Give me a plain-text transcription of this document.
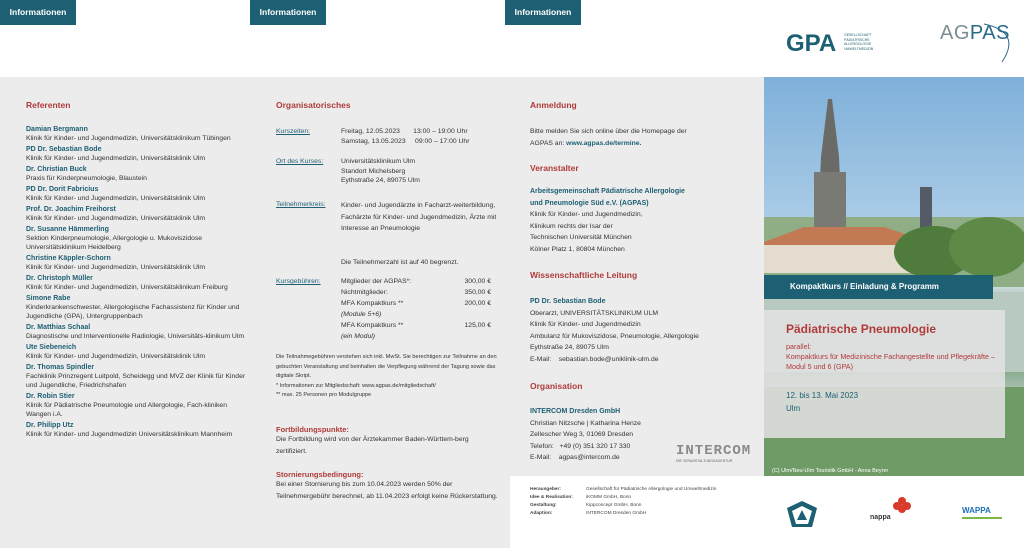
Informationen	Informationen	Informationen
GPA GESELLSCHAFT PÄDIATRISCHE ALLERGOLOGIE UMWELTMEDIZIN
AGPAS
Referenten
Damian Bergmann
Klinik für Kinder- und Jugendmedizin, Universitätsklinikum Tübingen
PD Dr. Sebastian Bode
Klinik für Kinder- und Jugendmedizin, Universitätsklinik Ulm
Dr. Christian Buck
Praxis für Kinderpneumologie, Blaustein
PD Dr. Dorit Fabricius
Klinik für Kinder- und Jugendmedizin, Universitätsklinik Ulm
Prof. Dr. Joachim Freihorst
Klinik für Kinder- und Jugendmedizin, Universitätsklinik Ulm
Dr. Susanne Hämmerling
Sektion Kinderpneumologie, Allergologie u. Mukoviszidose Universitätsklinikum Heidelberg
Christine Käppler-Schorn
Klinik für Kinder- und Jugendmedizin, Universitätsklinik Ulm
Dr. Christoph Müller
Klinik für Kinder- und Jugendmedizin, Universitätsklinikum Freiburg
Simone Rabe
Kinderkrankenschwester, Allergologische Fachassistenz für Kinder und Jugendliche (GPA), Untergruppenbach
Dr. Matthias Schaal
Diagnostische und Interventionelle Radiologie, Universitäts-klinikum Ulm
Ute Siebeneich
Klinik für Kinder- und Jugendmedizin, Universitätsklinik Ulm
Dr. Thomas Spindler
Fachklinik Prinzregent Luitpold, Scheidegg und MVZ der Klinik für Kinder und Jugendliche, Friedrichshafen
Dr. Robin Stier
Klinik für Pädiatrische Pneumologie und Allergologie, Fach-kliniken Wangen i.A.
Dr. Philipp Utz
Klinik für Kinder- und Jugendmedizin Universitätsklinikum Mannheim
Organisatorisches
Kurszeiten:	Freitag, 12.05.2023       13:00 – 19:00 Uhr
Samstag, 13.05.2023     09:00 – 17:00 Uhr
Ort des Kurses:	Universitätsklinikum Ulm
Standort Michelsberg
Eythstraße 24, 89075 Ulm
Teilnehmerkreis:	Kinder- und Jugendärzte in Facharzt-weiterbildung, Fachärzte für Kinder- und Jugendmedizin, Ärzte mit Interesse an Pneumologie
Die Teilnehmerzahl ist auf 40 begrenzt.
Kursgebühren:	Mitglieder der AGPAS*:	300,00 €
Nichtmitglieder:	350,00 €
MFA Kompaktkurs **	200,00 €
(Module 5+6)
MFA Kompaktkurs **	125,00 €
(ein Modul)
Die Teilnahmegebühren verstehen sich inkl. MwSt. Sie berechtigen zur Teilnahme an den gebuchten Veranstaltung und beinhalten die Verpflegung während der Tagung sowie das digitale Skript.
* Informationen zur Mitgliedschaft: www.agpas.de/mitgliedschaft/
** max. 25 Personen pro Modulgruppe
Fortbildungspunkte:
Die Fortbildung wird von der Ärztekammer Baden-Württem-berg zertifiziert.
Stornierungsbedingung:
Bei einer Stornierung bis zum 10.04.2023 werden 50% der Teilnehmergebühr berechnet, ab 11.04.2023 erfolgt keine Rückerstattung.
Anmeldung
Bitte melden Sie sich online über die Homepage der
AGPAS an: www.agpas.de/termine.
Veranstalter
Arbeitsgemeinschaft Pädiatrische Allergologie
und Pneumologie Süd e.V. (AGPAS)
Klinik für Kinder- und Jugendmedizin,
Klinikum rechts der Isar der
Technischen Universität München
Kölner Platz 1, 80804 München
Wissenschaftliche Leitung
PD Dr. Sebastian Bode
Oberarzt, UNIVERSITÄTSKLINIKUM ULM
Klinik für Kinder- und Jugendmedizin
Ambulanz für Mukoviszidose, Pneumologie, Allergologie
Eythstraße 24, 89075 Ulm
E-Mail:    sebastian.bode@uniklinik-ulm.de
Organisation
INTERCOM Dresden GmbH
Christian Nitzsche | Katharina Henze
Zellescher Weg 3, 01069 Dresden
Telefon:   +49 (0) 351 320 17 330
E-Mail:    agpas@intercom.de	INTERCOM
DIE VERANSTALTUNGSAGENTUR
Kompaktkurs // Einladung & Programm
Pädiatrische Pneumologie
parallel:
Kompaktkurs für Medizinische Fachangestellte und Pflegekräfte – Modul 5 und 6 (GPA)
12. bis 13. Mai 2023
Ulm
(C) Ulm/Neu-Ulm Touristik GmbH - Anna Beyrer
Herausgeber:	Gesellschaft für Pädiatrische Allergologie und Umweltmedizin
Idee & Realisation:	iKOMM GmbH, Bonn
Gestaltung:	Kippconcept GmbH, Bonn
Adaption:	INTERCOM Dresden GmbH
nappa
WAPPA
